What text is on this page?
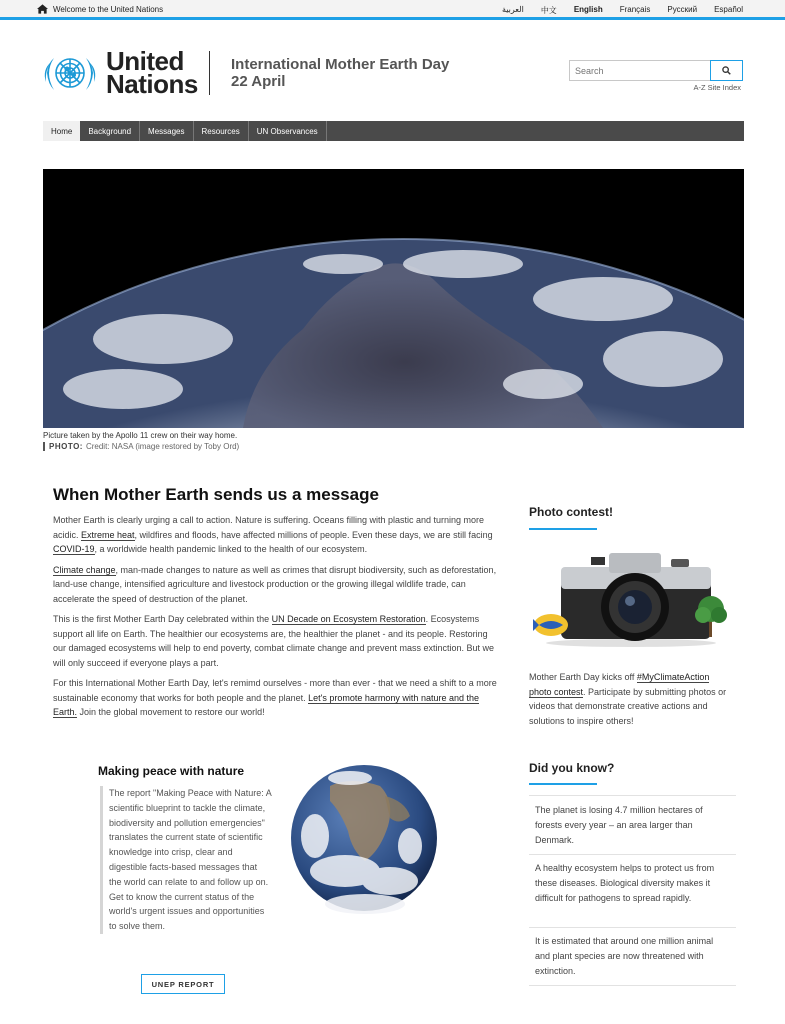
Welcome to the United Nations	العربية 中文 English Français Русский Español
United
Nations
International Mother Earth Day
22 April
Search	A-Z Site Index
Home	Background	Messages	Resources	UN Observances
Picture taken by the Apollo 11 crew on their way home.
PHOTO: Credit: NASA (image restored by Toby Ord)
When Mother Earth sends us a message

Mother Earth is clearly urging a call to action. Nature is suffering. Oceans filling with plastic and turning more acidic. Extreme heat, wildfires and floods, have affected millions of people. Even these days, we are still facing COVID-19, a worldwide health pandemic linked to the health of our ecosystem.

Climate change, man-made changes to nature as well as crimes that disrupt biodiversity, such as deforestation, land-use change, intensified agriculture and livestock production or the growing illegal wildlife trade, can accelerate the speed of destruction of the planet.

This is the first Mother Earth Day celebrated within the UN Decade on Ecosystem Restoration. Ecosystems support all life on Earth. The healthier our ecosystems are, the healthier the planet - and its people. Restoring our damaged ecosystems will help to end poverty, combat climate change and prevent mass extinction. But we will only succeed if everyone plays a part.

For this International Mother Earth Day, let's remimd ourselves - more than ever - that we need a shift to a more sustainable economy that works for both people and the planet. Let's promote harmony with nature and the Earth. Join the global movement to restore our world!

Making peace with nature
The report "Making Peace with Nature: A scientific blueprint to tackle the climate, biodiversity and pollution emergencies" translates the current state of scientific knowledge into crisp, clear and digestible facts-based messages that the world can relate to and follow up on. Get to know the current status of the world's urgent issues and opportunities to solve them.
UNEP REPORT
Photo contest!
Mother Earth Day kicks off #MyClimateAction photo contest. Participate by submitting photos or videos that demonstrate creative actions and solutions to inspire others!
Did you know?
The planet is losing 4.7 million hectares of forests every year – an area larger than Denmark.
A healthy ecosystem helps to protect us from these diseases. Biological diversity makes it difficult for pathogens to spread rapidly.
It is estimated that around one million animal and plant species are now threatened with extinction.
